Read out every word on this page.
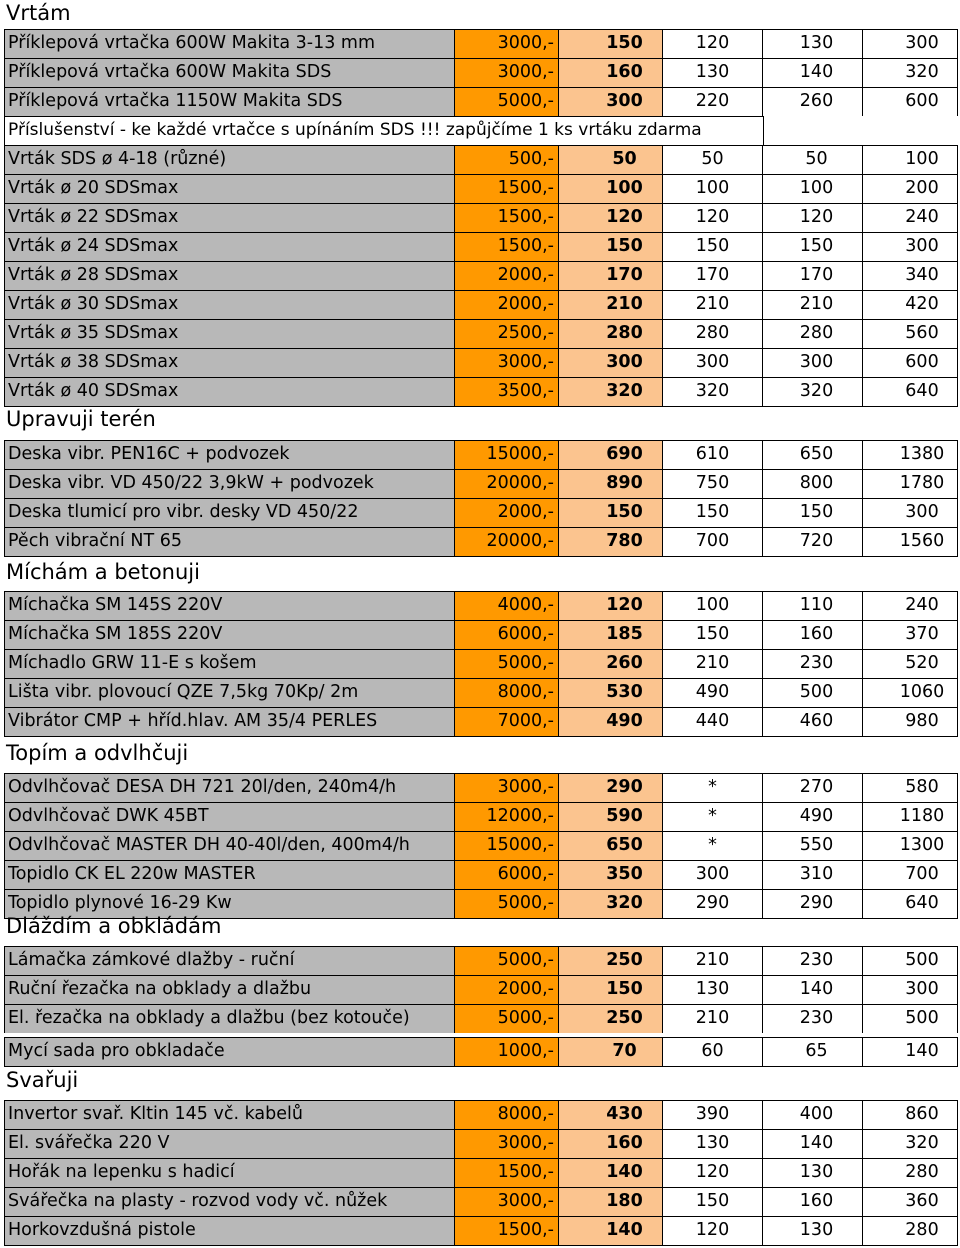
Vrtám
Příklepová vrtačka 600W Makita 3-13 mm	3000,-	150	120	130	300
Příklepová vrtačka 600W Makita SDS	3000,-	160	130	140	320
Příklepová vrtačka 1150W Makita SDS	5000,-	300	220	260	600
Vrták SDS ø 4-18 (různé)	500,-	50	50	50	100
Vrták ø 20 SDSmax	1500,-	100	100	100	200
Vrták ø 22 SDSmax	1500,-	120	120	120	240
Vrták ø 24 SDSmax	1500,-	150	150	150	300
Vrták ø 28 SDSmax	2000,-	170	170	170	340
Vrták ø 30 SDSmax	2000,-	210	210	210	420
Vrták ø 35 SDSmax	2500,-	280	280	280	560
Vrták ø 38 SDSmax	3000,-	300	300	300	600
Vrták ø 40 SDSmax	3500,-	320	320	320	640
Upravuji terén
Deska vibr. PEN16C + podvozek	15000,-	690	610	650	1380
Deska vibr. VD 450/22 3,9kW + podvozek	20000,-	890	750	800	1780
Deska tlumicí pro vibr. desky VD 450/22	2000,-	150	150	150	300
Pěch vibrační NT 65	20000,-	780	700	720	1560
Míchám a betonuji
Míchačka SM 145S 220V	4000,-	120	100	110	240
Míchačka SM 185S 220V	6000,-	185	150	160	370
Míchadlo GRW 11-E s košem	5000,-	260	210	230	520
Lišta vibr. plovoucí QZE 7,5kg 70Kp/ 2m	8000,-	530	490	500	1060
Vibrátor CMP + hříd.hlav. AM 35/4 PERLES	7000,-	490	440	460	980
Topím a odvlhčuji
Odvlhčovač DESA DH 721 20l/den, 240m4/h	3000,-	290	*	270	580
Odvlhčovač DWK 45BT	12000,-	590	*	490	1180
Odvlhčovač MASTER DH 40-40l/den, 400m4/h	15000,-	650	*	550	1300
Topidlo CK EL 220w MASTER	6000,-	350	300	310	700
Topidlo plynové 16-29 Kw	5000,-	320	290	290	640
Dláždím a obkládám
Lámačka zámkové dlažby - ruční	5000,-	250	210	230	500
Ruční řezačka na obklady a dlažbu	2000,-	150	130	140	300
El. řezačka na obklady a dlažbu (bez kotouče)	5000,-	250	210	230	500
Mycí sada pro obkladače	1000,-	70	60	65	140
Svařuji
Invertor svař. Kltin 145 vč. kabelů	8000,-	430	390	400	860
El. svářečka 220 V	3000,-	160	130	140	320
Hořák na lepenku s hadicí	1500,-	140	120	130	280
Svářečka na plasty - rozvod vody vč. nůžek	3000,-	180	150	160	360
Horkovzdušná pistole	1500,-	140	120	130	280
Příslušenství - ke každé vrtačce s upínáním SDS !!! zapůjčíme 1 ks vrtáku zdarma
